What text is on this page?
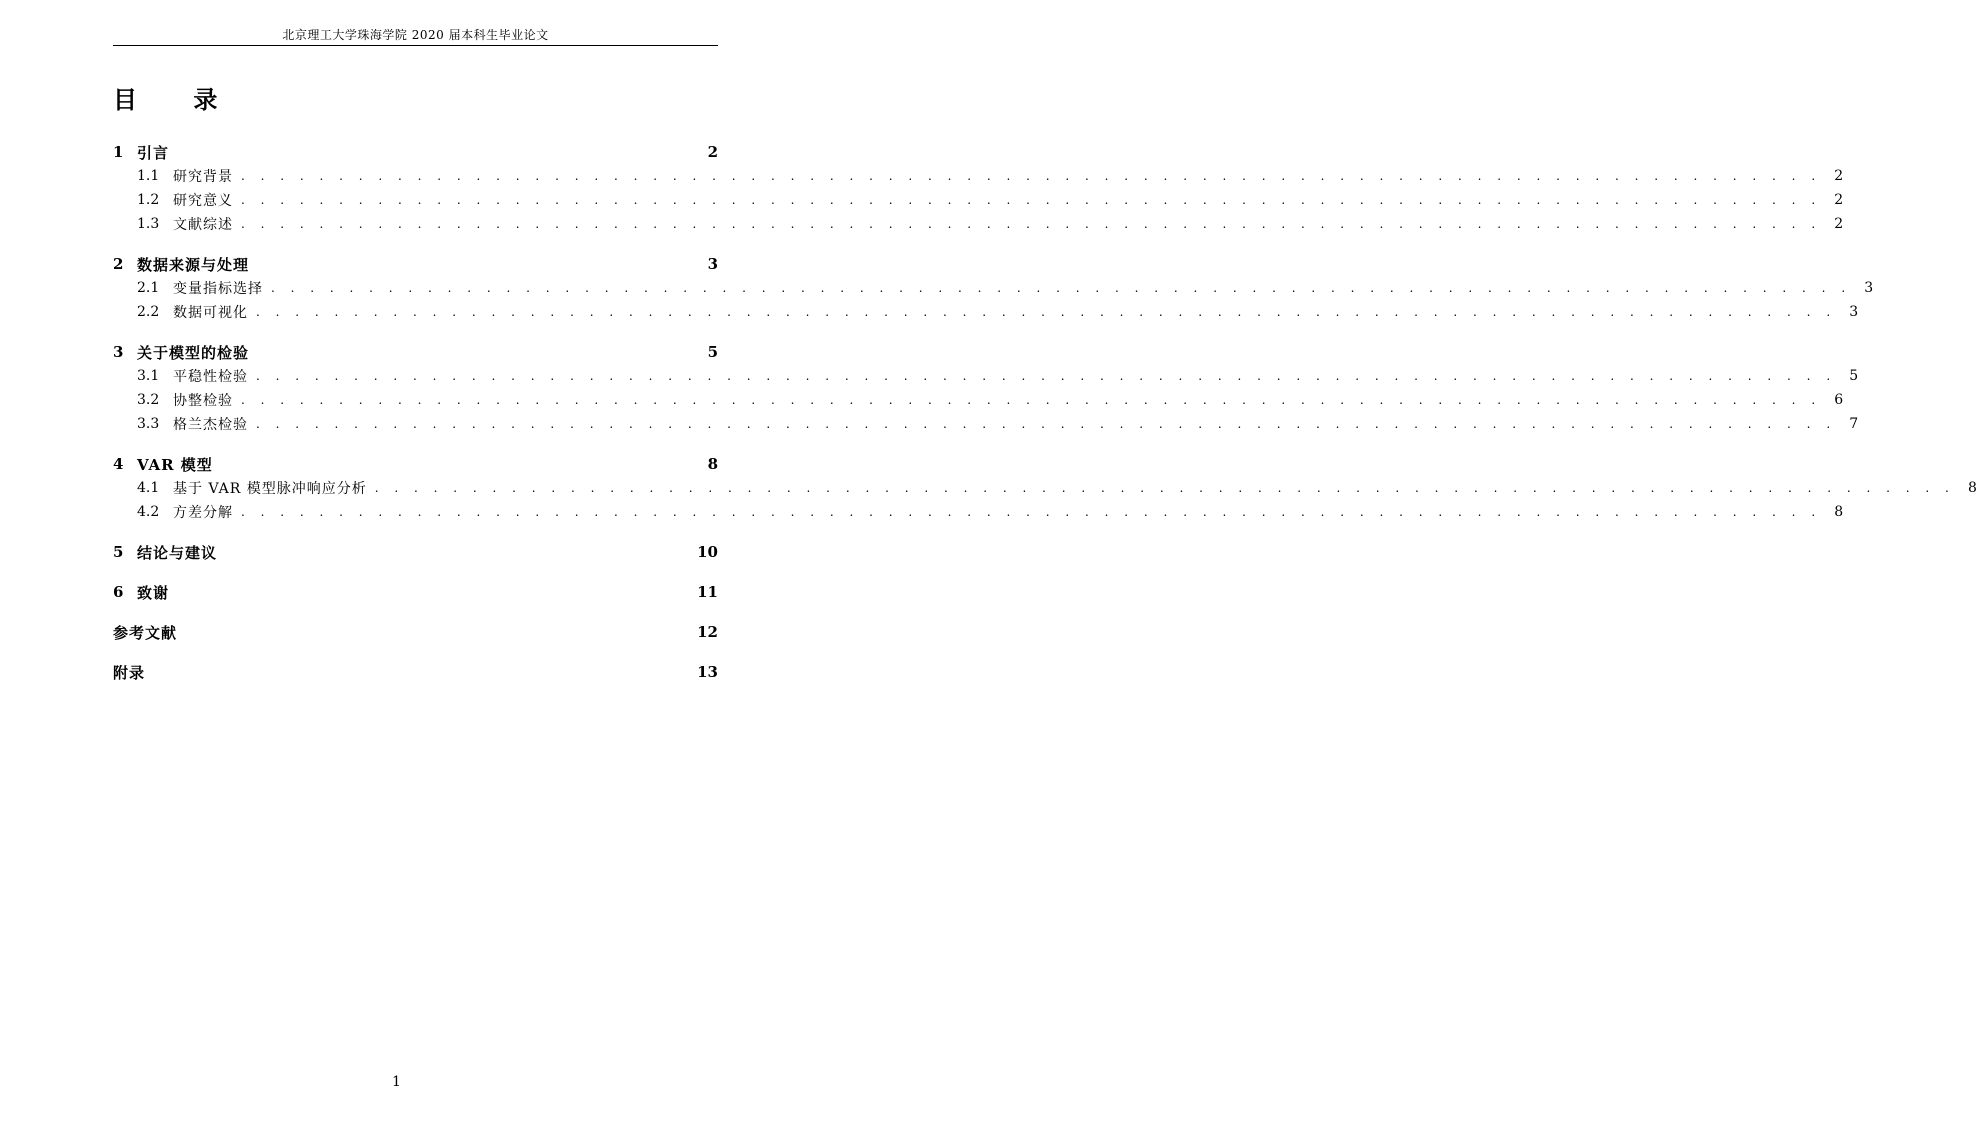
北京理工大学珠海学院 2020 届本科生毕业论文
目 录
1 引言	2
1.1 研究背景 . . . . . . . . . . . . . . . . . . . . . . . . . . . . . . . . . . . . . . . . . . . . . . . . . . . . . . . . . . . . . . . . . . . . . . . . . . . . . . . . . 2
1.2 研究意义 . . . . . . . . . . . . . . . . . . . . . . . . . . . . . . . . . . . . . . . . . . . . . . . . . . . . . . . . . . . . . . . . . . . . . . . . . . . . . . . . . 2
1.3 文献综述 . . . . . . . . . . . . . . . . . . . . . . . . . . . . . . . . . . . . . . . . . . . . . . . . . . . . . . . . . . . . . . . . . . . . . . . . . . . . . . . . . 2
2 数据来源与处理	3
2.1 变量指标选择 . . . . . . . . . . . . . . . . . . . . . . . . . . . . . . . . . . . . . . . . . . . . . . . . . . . . . . . . . . . . . . . . . . . . . . . . . . . . . . . . . 3
2.2 数据可视化 . . . . . . . . . . . . . . . . . . . . . . . . . . . . . . . . . . . . . . . . . . . . . . . . . . . . . . . . . . . . . . . . . . . . . . . . . . . . . . . . . 3
3 关于模型的检验	5
3.1 平稳性检验 . . . . . . . . . . . . . . . . . . . . . . . . . . . . . . . . . . . . . . . . . . . . . . . . . . . . . . . . . . . . . . . . . . . . . . . . . . . . . . . . . 5
3.2 协整检验 . . . . . . . . . . . . . . . . . . . . . . . . . . . . . . . . . . . . . . . . . . . . . . . . . . . . . . . . . . . . . . . . . . . . . . . . . . . . . . . . . 6
3.3 格兰杰检验 . . . . . . . . . . . . . . . . . . . . . . . . . . . . . . . . . . . . . . . . . . . . . . . . . . . . . . . . . . . . . . . . . . . . . . . . . . . . . . . . . 7
4 VAR 模型	8
4.1 基于 VAR 模型脉冲响应分析 . . . . . . . . . . . . . . . . . . . . . . . . . . . . . . . . . . . . . . . . . . . . . . . . . . . . . . . . . . . . . . . . . . . . . . . . . . . . . . . . . 8
4.2 方差分解 . . . . . . . . . . . . . . . . . . . . . . . . . . . . . . . . . . . . . . . . . . . . . . . . . . . . . . . . . . . . . . . . . . . . . . . . . . . . . . . . . 8
5 结论与建议	10
6 致谢	11
参考文献	12
附录	13
1
